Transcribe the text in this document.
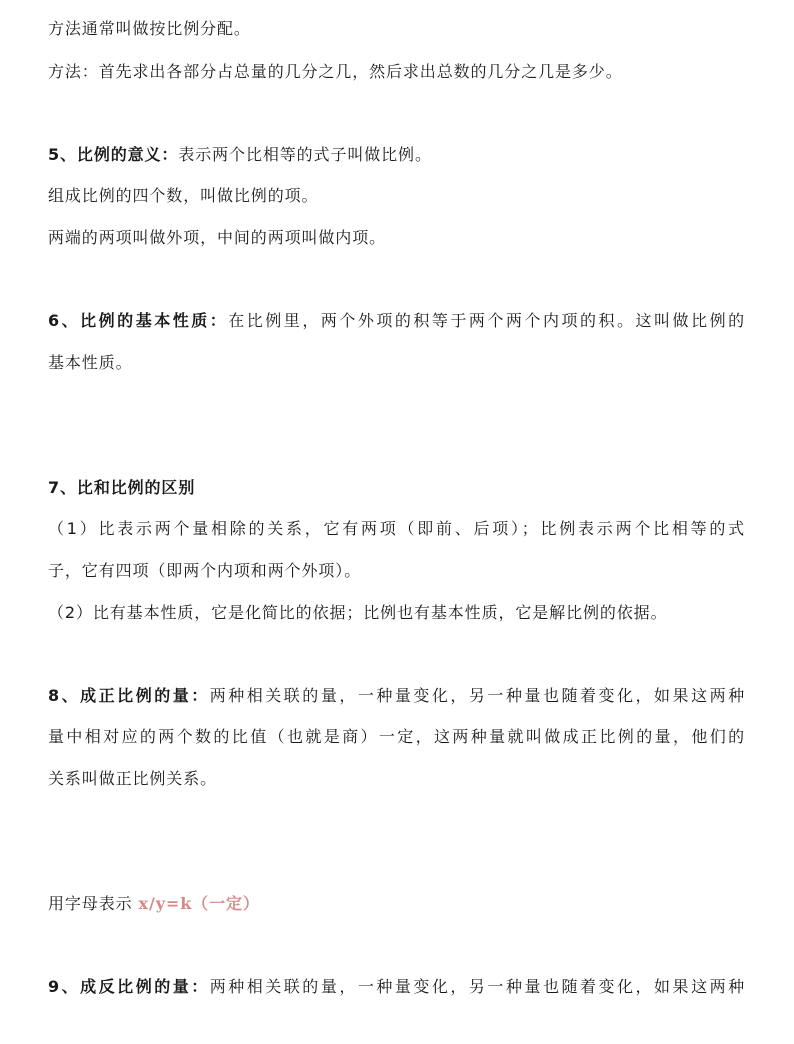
方法通常叫做按比例分配。
方法：首先求出各部分占总量的几分之几，然后求出总数的几分之几是多少。
5、比例的意义：表示两个比相等的式子叫做比例。
组成比例的四个数，叫做比例的项。
两端的两项叫做外项，中间的两项叫做内项。
6、比例的基本性质：在比例里，两个外项的积等于两个两个内项的积。这叫做比例的
基本性质。
7、比和比例的区别
（1）比表示两个量相除的关系，它有两项（即前、后项）；比例表示两个比相等的式
子，它有四项（即两个内项和两个外项）。
（2）比有基本性质，它是化简比的依据；比例也有基本性质，它是解比例的依据。
8、成正比例的量：两种相关联的量，一种量变化，另一种量也随着变化，如果这两种
量中相对应的两个数的比值（也就是商）一定，这两种量就叫做成正比例的量，他们的
关系叫做正比例关系。
用字母表示 x/y=k（一定）
9、成反比例的量：两种相关联的量，一种量变化，另一种量也随着变化，如果这两种
